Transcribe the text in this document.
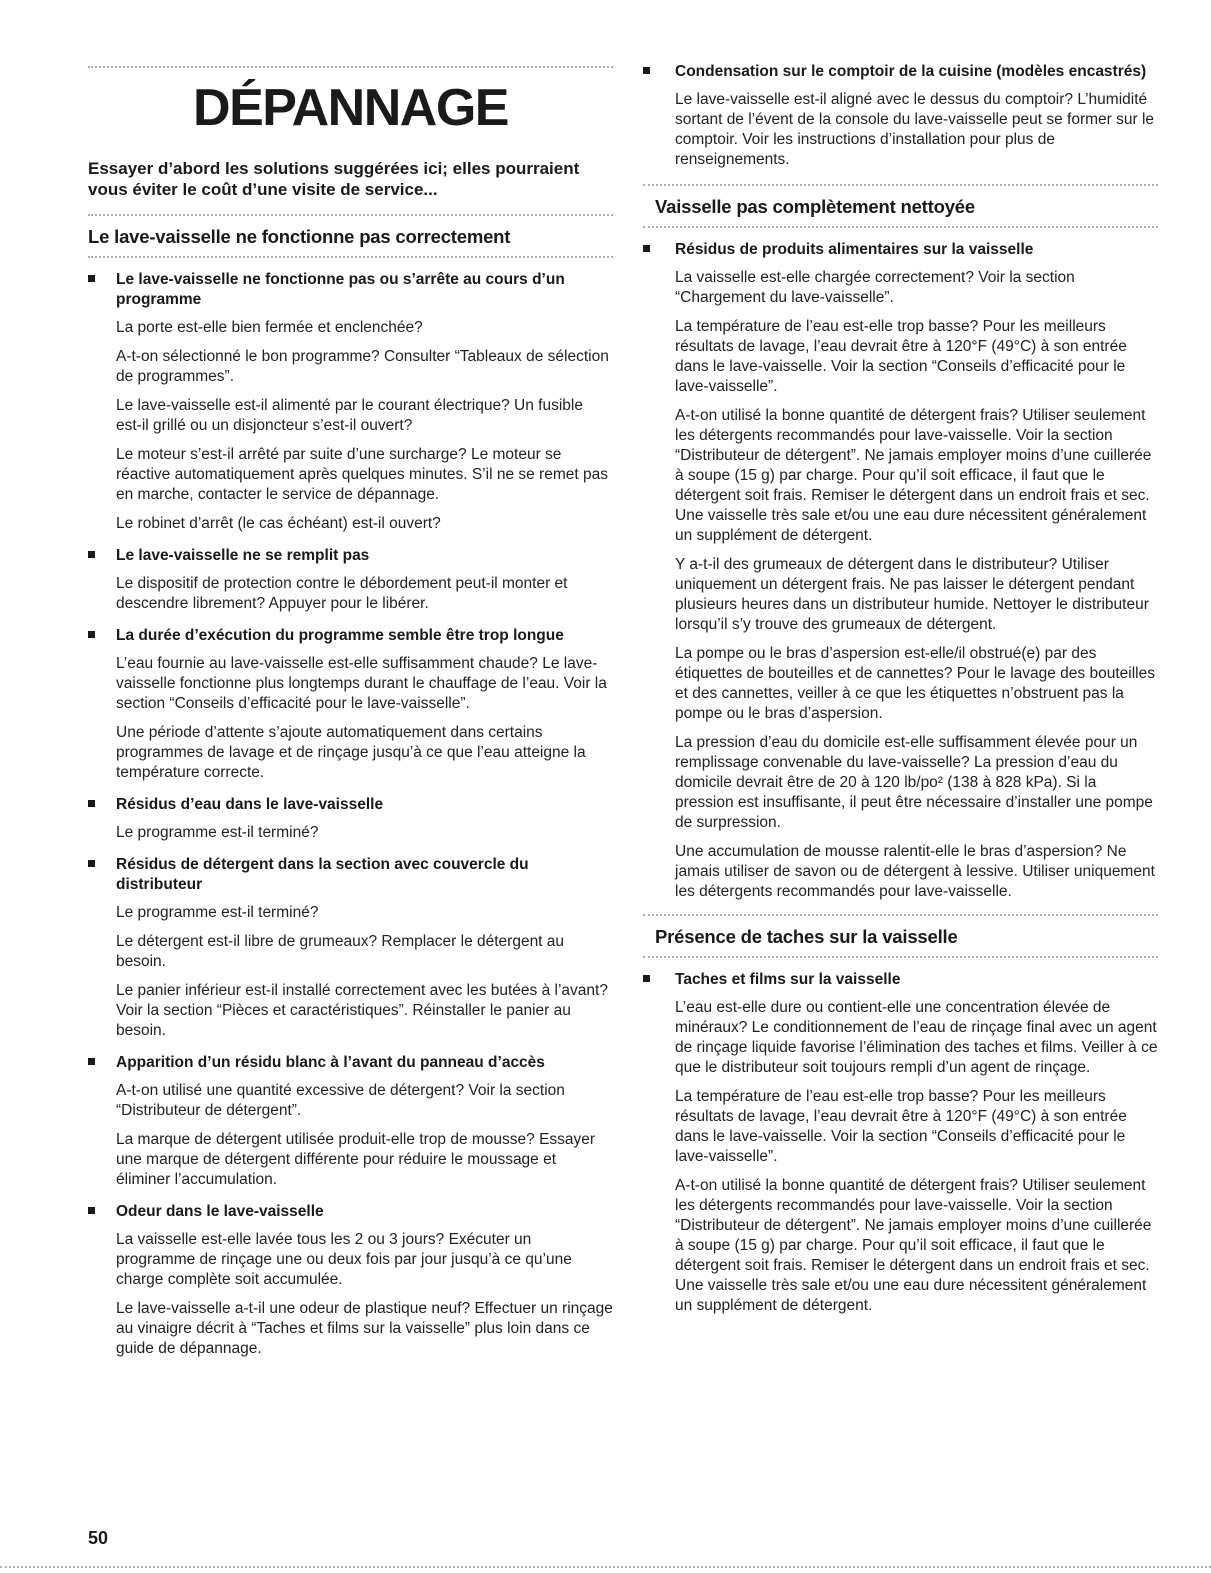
DÉPANNAGE
Essayer d’abord les solutions suggérées ici; elles pourraient vous éviter le coût d’une visite de service...
Le lave-vaisselle ne fonctionne pas correctement
Le lave-vaisselle ne fonctionne pas ou s’arrête au cours d’un programme

La porte est-elle bien fermée et enclenchée?

A-t-on sélectionné le bon programme? Consulter “Tableaux de sélection de programmes”.

Le lave-vaisselle est-il alimenté par le courant électrique? Un fusible est-il grillé ou un disjoncteur s’est-il ouvert?

Le moteur s’est-il arrêté par suite d’une surcharge? Le moteur se réactive automatiquement après quelques minutes. S’il ne se remet pas en marche, contacter le service de dépannage.

Le robinet d’arrêt (le cas échéant) est-il ouvert?

Le lave-vaisselle ne se remplit pas

Le dispositif de protection contre le débordement peut-il monter et descendre librement? Appuyer pour le libérer.

La durée d’exécution du programme semble être trop longue

L’eau fournie au lave-vaisselle est-elle suffisamment chaude? Le lave-vaisselle fonctionne plus longtemps durant le chauffage de l’eau. Voir la section “Conseils d’efficacité pour le lave-vaisselle”.

Une période d’attente s’ajoute automatiquement dans certains programmes de lavage et de rinçage jusqu’à ce que l’eau atteigne la température correcte.

Résidus d’eau dans le lave-vaisselle

Le programme est-il terminé?

Résidus de détergent dans la section avec couvercle du distributeur

Le programme est-il terminé?

Le détergent est-il libre de grumeaux? Remplacer le détergent au besoin.

Le panier inférieur est-il installé correctement avec les butées à l’avant? Voir la section “Pièces et caractéristiques”. Réinstaller le panier au besoin.

Apparition d’un résidu blanc à l’avant du panneau d’accès

A-t-on utilisé une quantité excessive de détergent? Voir la section “Distributeur de détergent”.

La marque de détergent utilisée produit-elle trop de mousse? Essayer une marque de détergent différente pour réduire le moussage et éliminer l’accumulation.

Odeur dans le lave-vaisselle

La vaisselle est-elle lavée tous les 2 ou 3 jours? Exécuter un programme de rinçage une ou deux fois par jour jusqu’à ce qu’une charge complète soit accumulée.

Le lave-vaisselle a-t-il une odeur de plastique neuf? Effectuer un rinçage au vinaigre décrit à “Taches et films sur la vaisselle” plus loin dans ce guide de dépannage.

Condensation sur le comptoir de la cuisine (modèles encastrés)

Le lave-vaisselle est-il aligné avec le dessus du comptoir? L’humidité sortant de l’évent de la console du lave-vaisselle peut se former sur le comptoir. Voir les instructions d’installation pour plus de renseignements.

Vaisselle pas complètement nettoyée
Résidus de produits alimentaires sur la vaisselle

La vaisselle est-elle chargée correctement? Voir la section “Chargement du lave-vaisselle”.

La température de l’eau est-elle trop basse? Pour les meilleurs résultats de lavage, l’eau devrait être à 120°F (49°C) à son entrée dans le lave-vaisselle. Voir la section “Conseils d’efficacité pour le lave-vaisselle”.

A-t-on utilisé la bonne quantité de détergent frais? Utiliser seulement les détergents recommandés pour lave-vaisselle. Voir la section “Distributeur de détergent”. Ne jamais employer moins d’une cuillerée à soupe (15 g) par charge. Pour qu’il soit efficace, il faut que le détergent soit frais. Remiser le détergent dans un endroit frais et sec. Une vaisselle très sale et/ou une eau dure nécessitent généralement un supplément de détergent.

Y a-t-il des grumeaux de détergent dans le distributeur? Utiliser uniquement un détergent frais. Ne pas laisser le détergent pendant plusieurs heures dans un distributeur humide. Nettoyer le distributeur lorsqu’il s’y trouve des grumeaux de détergent.

La pompe ou le bras d’aspersion est-elle/il obstrué(e) par des étiquettes de bouteilles et de cannettes? Pour le lavage des bouteilles et des cannettes, veiller à ce que les étiquettes n’obstruent pas la pompe ou le bras d’aspersion.

La pression d’eau du domicile est-elle suffisamment élevée pour un remplissage convenable du lave-vaisselle? La pression d’eau du domicile devrait être de 20 à 120 lb/po² (138 à 828 kPa). Si la pression est insuffisante, il peut être nécessaire d’installer une pompe de surpression.

Une accumulation de mousse ralentit-elle le bras d’aspersion? Ne jamais utiliser de savon ou de détergent à lessive. Utiliser uniquement les détergents recommandés pour lave-vaisselle.

Présence de taches sur la vaisselle
Taches et films sur la vaisselle

L’eau est-elle dure ou contient-elle une concentration élevée de minéraux? Le conditionnement de l’eau de rinçage final avec un agent de rinçage liquide favorise l’élimination des taches et films. Veiller à ce que le distributeur soit toujours rempli d’un agent de rinçage.

La température de l’eau est-elle trop basse? Pour les meilleurs résultats de lavage, l’eau devrait être à 120°F (49°C) à son entrée dans le lave-vaisselle. Voir la section “Conseils d’efficacité pour le lave-vaisselle”.

A-t-on utilisé la bonne quantité de détergent frais? Utiliser seulement les détergents recommandés pour lave-vaisselle. Voir la section “Distributeur de détergent”. Ne jamais employer moins d’une cuillerée à soupe (15 g) par charge. Pour qu’il soit efficace, il faut que le détergent soit frais. Remiser le détergent dans un endroit frais et sec. Une vaisselle très sale et/ou une eau dure nécessitent généralement un supplément de détergent.

50
